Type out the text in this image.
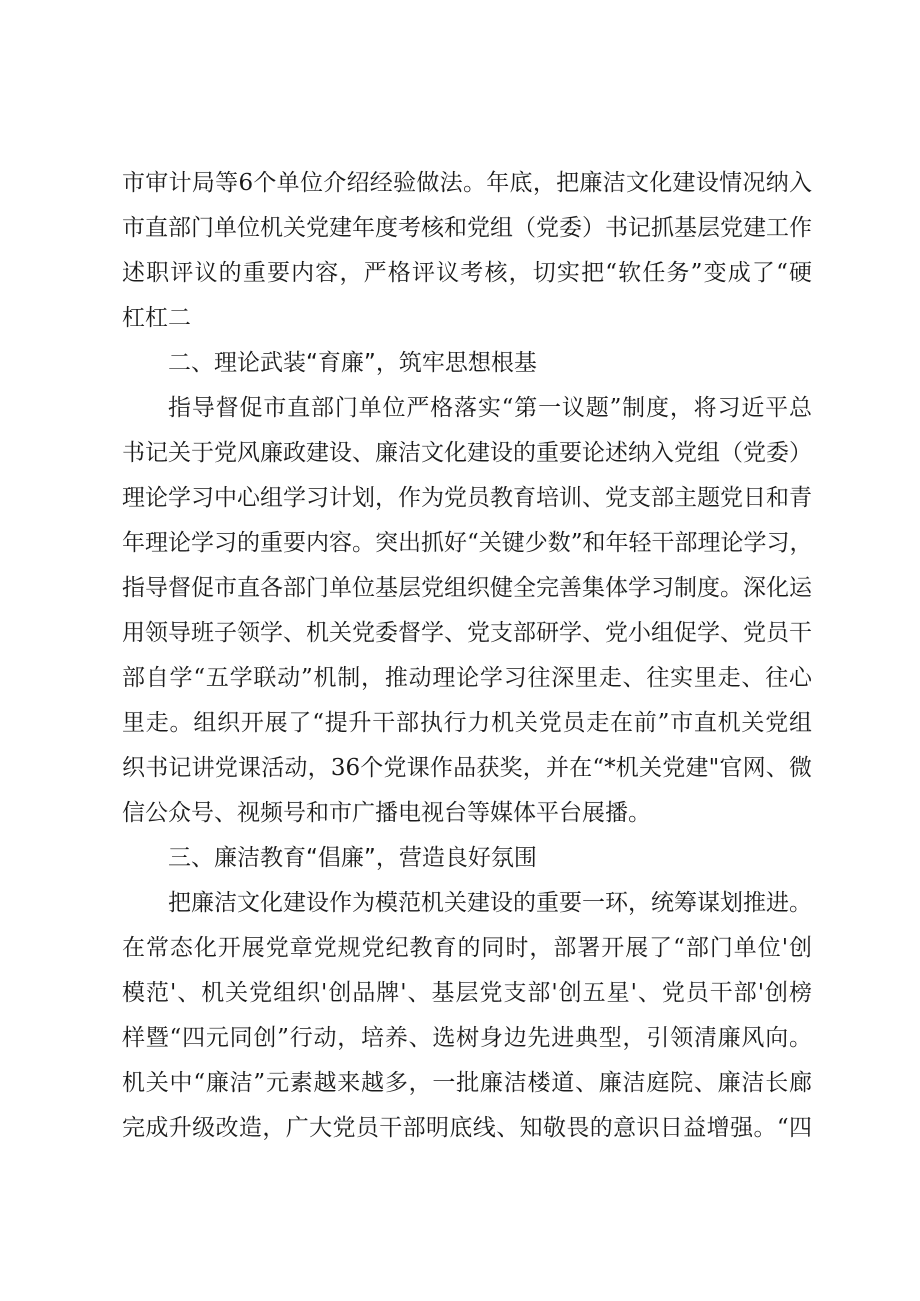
市审计局等6个单位介绍经验做法。年底，把廉洁文化建设情况纳入
市直部门单位机关党建年度考核和党组（党委）书记抓基层党建工作
述职评议的重要内容，严格评议考核，切实把“软任务”变成了“硬
杠杠二
二、理论武装“育廉”，筑牢思想根基
指导督促市直部门单位严格落实“第一议题”制度，将习近平总
书记关于党风廉政建设、廉洁文化建设的重要论述纳入党组（党委）
理论学习中心组学习计划，作为党员教育培训、党支部主题党日和青
年理论学习的重要内容。突出抓好“关键少数”和年轻干部理论学习，
指导督促市直各部门单位基层党组织健全完善集体学习制度。深化运
用领导班子领学、机关党委督学、党支部研学、党小组促学、党员干
部自学“五学联动”机制，推动理论学习往深里走、往实里走、往心
里走。组织开展了“提升干部执行力机关党员走在前”市直机关党组
织书记讲党课活动，36个党课作品获奖，并在“*机关党建"官网、微
信公众号、视频号和市广播电视台等媒体平台展播。
三、廉洁教育“倡廉”，营造良好氛围
把廉洁文化建设作为模范机关建设的重要一环，统筹谋划推进。
在常态化开展党章党规党纪教育的同时，部署开展了“部门单位'创
模范'、机关党组织'创品牌'、基层党支部'创五星'、党员干部'创榜
样暨“四元同创”行动，培养、选树身边先进典型，引领清廉风向。
机关中“廉洁”元素越来越多，一批廉洁楼道、廉洁庭院、廉洁长廊
完成升级改造，广大党员干部明底线、知敬畏的意识日益增强。“四
